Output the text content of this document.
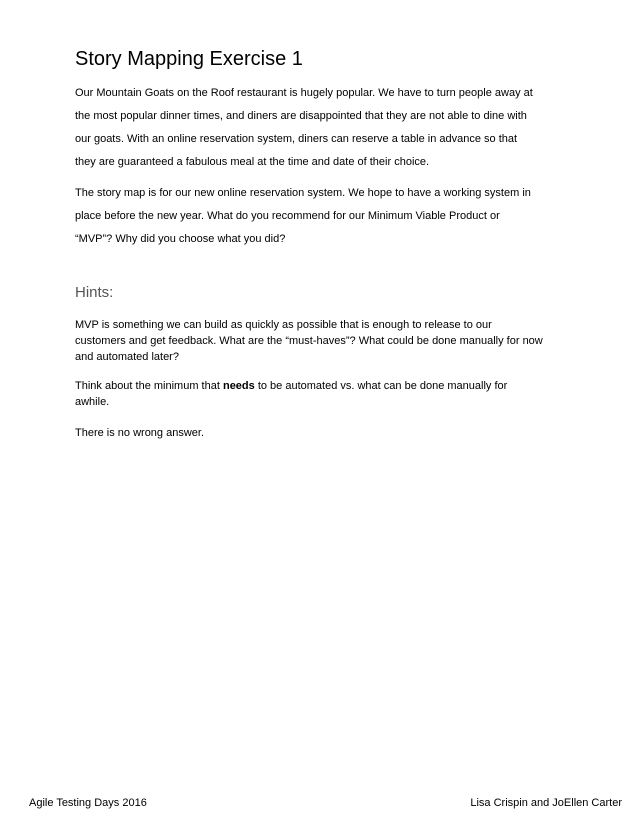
Story Mapping Exercise 1

Our Mountain Goats on the Roof restaurant is hugely popular. We have to turn people away at
the most popular dinner times, and diners are disappointed that they are not able to dine with
our goats. With an online reservation system, diners can reserve a table in advance so that
they are guaranteed a fabulous meal at the time and date of their choice.

The story map is for our new online reservation system. We hope to have a working system in
place before the new year. What do you recommend for our Minimum Viable Product or
“MVP”? Why did you choose what you did?

Hints:

MVP is something we can build as quickly as possible that is enough to release to our
customers and get feedback. What are the “must-haves”? What could be done manually for now
and automated later?

Think about the minimum that needs to be automated vs. what can be done manually for
awhile.

There is no wrong answer.

Agile Testing Days 2016	Lisa Crispin and JoEllen Carter
